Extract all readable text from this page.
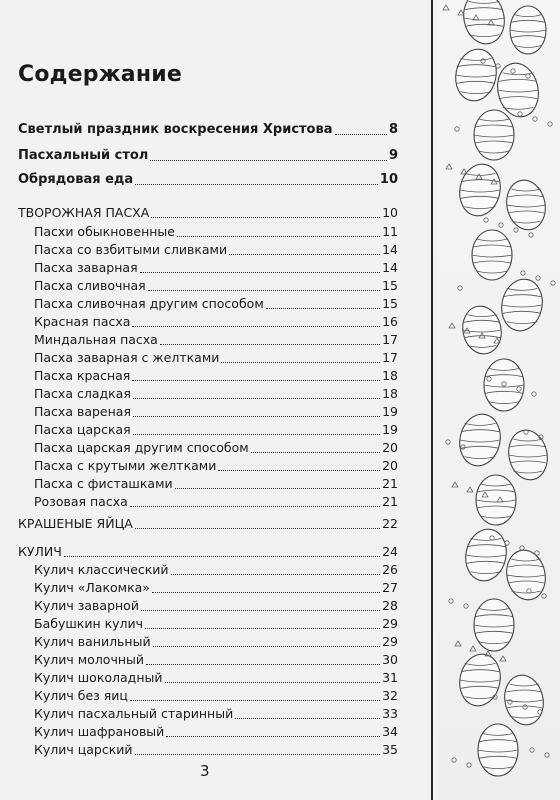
Содержание
Светлый праздник воскресения Христова	8
Пасхальный стол	9
Обрядовая еда	10
ТВОРОЖНАЯ ПАСХА	10
Пасхи обыкновенные	11
Пасха со взбитыми сливками	14
Пасха заварная	14
Пасха сливочная	15
Пасха сливочная другим способом	15
Красная пасха	16
Миндальная пасха	17
Пасха заварная с желтками	17
Пасха красная	18
Пасха сладкая	18
Пасха вареная	19
Пасха царская	19
Пасха царская другим способом	20
Пасха с крутыми желтками	20
Пасха с фисташками	21
Розовая пасха	21
КРАШЕНЫЕ ЯЙЦА	22
КУЛИЧ	24
Кулич классический	26
Кулич «Лакомка»	27
Кулич заварной	28
Бабушкин кулич	29
Кулич ванильный	29
Кулич молочный	30
Кулич шоколадный	31
Кулич без яиц	32
Кулич пасхальный старинный	33
Кулич шафрановый	34
Кулич царский	35
3
